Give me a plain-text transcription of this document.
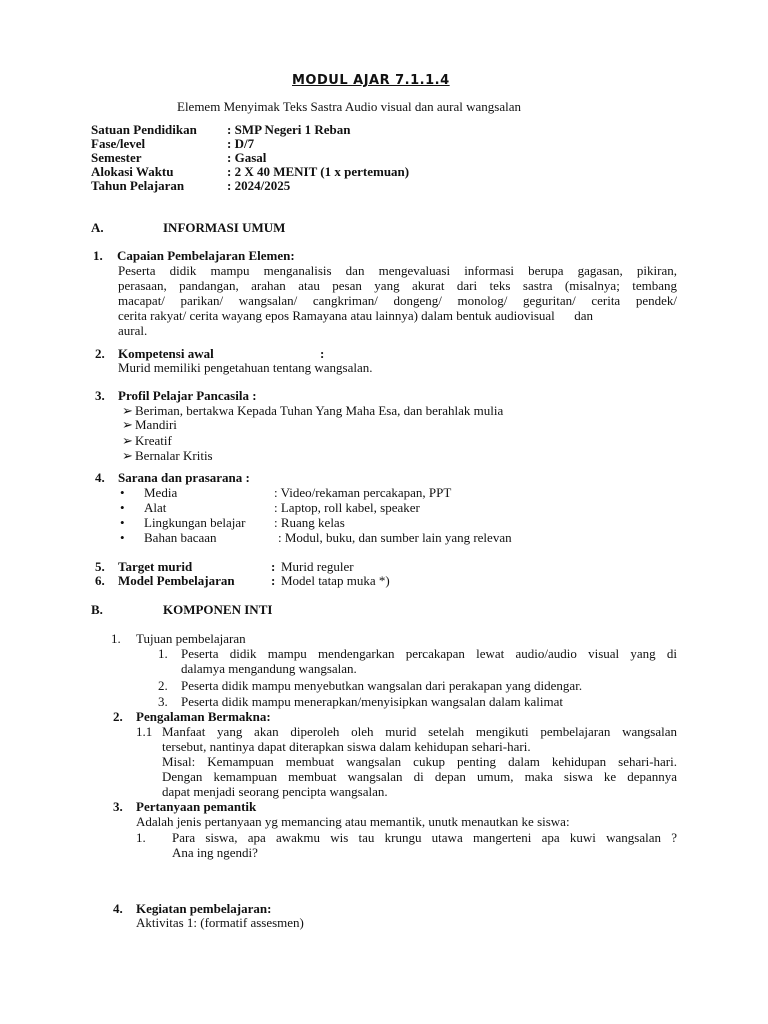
MODUL AJAR 7.1.1.4
Elemem Menyimak Teks Sastra Audio visual dan aural wangsalan
Satuan Pendidikan : SMP Negeri 1 Reban
Fase/level	: D/7
Semester	: Gasal
Alokasi Waktu	: 2 X 40 MENIT (1 x pertemuan)
Tahun Pelajaran	: 2024/2025
A.	INFORMASI UMUM
1. Capaian Pembelajaran Elemen:
Peserta didik mampu menganalisis dan mengevaluasi informasi berupa gagasan, pikiran,
perasaan, pandangan, arahan atau pesan yang akurat dari teks sastra (misalnya; tembang
macapat/ parikan/ wangsalan/ cangkriman/ dongeng/ monolog/ geguritan/ cerita pendek/
cerita rakyat/ cerita wayang epos Ramayana atau lainnya) dalam bentuk audiovisual      dan
aural.
2. Kompetensi awal	:
Murid memiliki pengetahuan tentang wangsalan.
3. Profil Pelajar Pancasila :
➢ Beriman, bertakwa Kepada Tuhan Yang Maha Esa, dan berahlak mulia
➢ Mandiri
➢ Kreatif
➢ Bernalar Kritis
4. Sarana dan prasarana :
• Media	: Video/rekaman percakapan, PPT
• Alat	: Laptop, roll kabel, speaker
• Lingkungan belajar : Ruang kelas
• Bahan bacaan	: Modul, buku, dan sumber lain yang relevan
5. Target murid	: Murid reguler
6. Model Pembelajaran	: Model tatap muka *)
B.	KOMPONEN INTI
1. Tujuan pembelajaran
1. Peserta didik mampu mendengarkan percakapan lewat audio/audio visual yang di
dalamya mengandung wangsalan.
2. Peserta didik mampu menyebutkan wangsalan dari perakapan yang didengar.
3. Peserta didik mampu menerapkan/menyisipkan wangsalan dalam kalimat
2. Pengalaman Bermakna:
1.1 Manfaat yang akan diperoleh oleh murid setelah mengikuti pembelajaran wangsalan
tersebut, nantinya dapat diterapkan siswa dalam kehidupan sehari-hari.
Misal: Kemampuan membuat wangsalan cukup penting dalam kehidupan sehari-hari.
Dengan kemampuan membuat wangsalan di depan umum, maka siswa ke depannya
dapat menjadi seorang pencipta wangsalan.
3. Pertanyaan pemantik
Adalah jenis pertanyaan yg memancing atau memantik, unutk menautkan ke siswa:
1. Para siswa, apa awakmu wis tau krungu utawa mangerteni apa kuwi wangsalan ?
Ana ing ngendi?
4. Kegiatan pembelajaran:
Aktivitas 1: (formatif assesmen)
